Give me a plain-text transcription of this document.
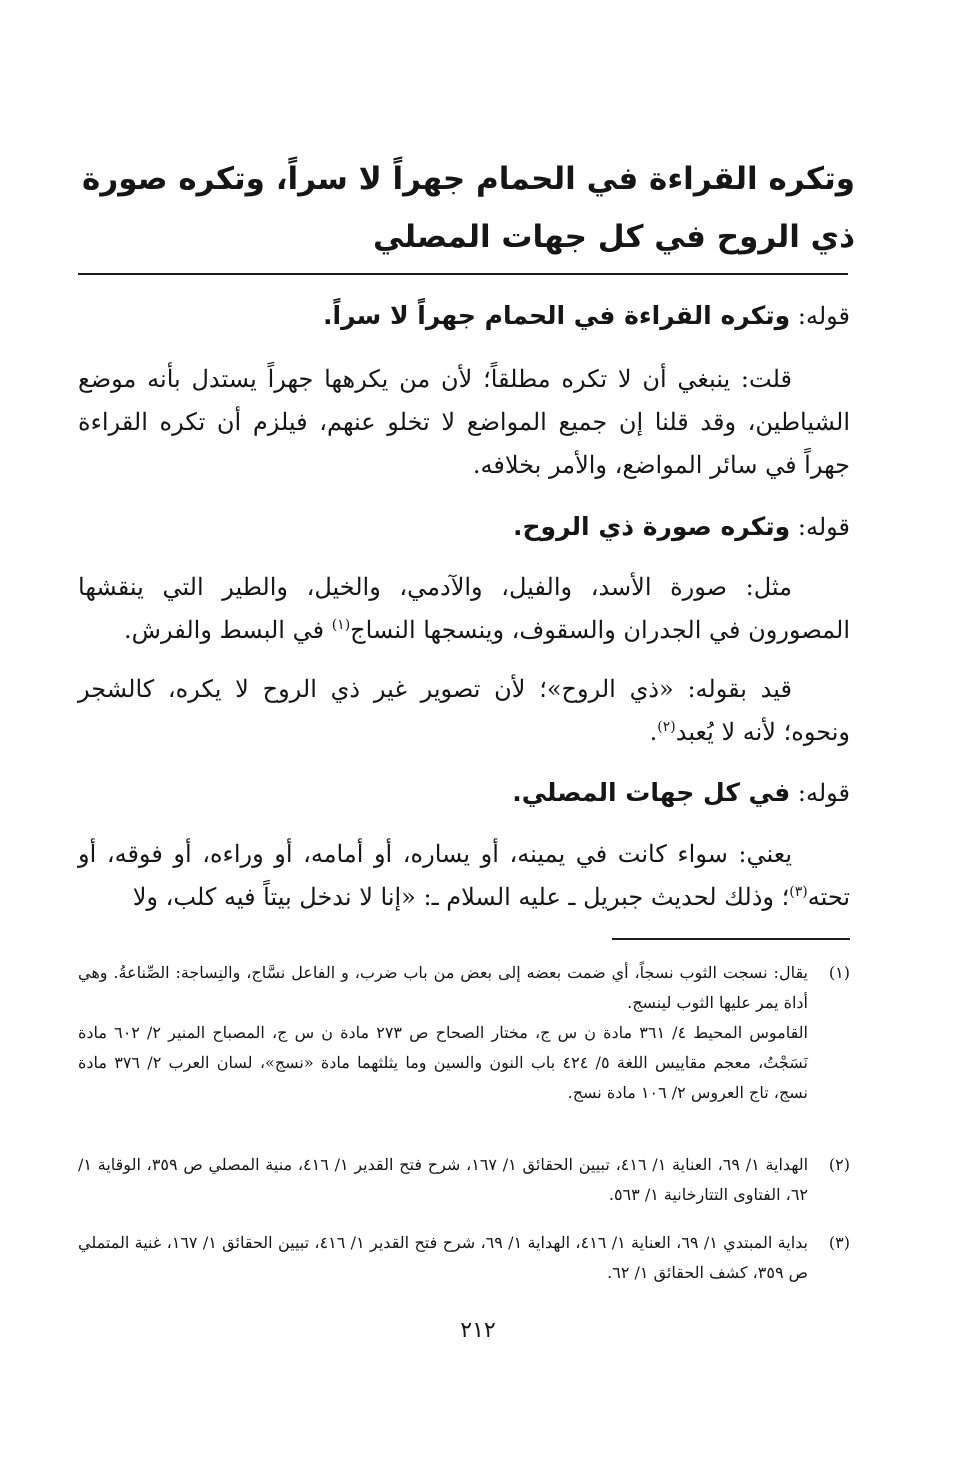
وتكره القراءة في الحمام جهراً لا سراً، وتكره صورة ذي الروح في كل جهات المصلي
قوله: وتكره القراءة في الحمام جهراً لا سراً.
قلت: ينبغي أن لا تكره مطلقاً؛ لأن من يكرهها جهراً يستدل بأنه موضع الشياطين، وقد قلنا إن جميع المواضع لا تخلو عنهم، فيلزم أن تكره القراءة جهراً في سائر المواضع، والأمر بخلافه.
قوله: وتكره صورة ذي الروح.
مثل: صورة الأسد، والفيل، والآدمي، والخيل، والطير التي ينقشها المصورون في الجدران والسقوف، وينسجها النساج$^{(١)}$ في البسط والفرش.
قيد بقوله: «ذي الروح»؛ لأن تصوير غير ذي الروح لا يكره، كالشجر ونحوه؛ لأنه لا يُعبد$^{(٢)}$.
قوله: في كل جهات المصلي.
يعني: سواء كانت في يمينه، أو يساره، أو أمامه، أو وراءه، أو فوقه، أو تحته$^{(٣)}$؛ وذلك لحديث جبريل ـ عليه السلام ـ: «إنا لا ندخل بيتاً فيه كلب، ولا
(١)
يقال: نسجت الثوب نسجاً، أي ضمت بعضه إلى بعض من باب ضرب، و الفاعل نسَّاج، والنِساجة: الصِّناعةُ. وهي أداة يمر عليها الثوب لينسج.
القاموس المحيط ٤/ ٣٦١ مادة ن س ج، مختار الصحاح ص ٢٧٣ مادة ن س ج، المصباح المنير ٢/ ٦٠٢ مادة نَسَجْتُ، معجم مقاييس اللغة ٥/ ٤٢٤ باب النون والسين وما يثلثهما مادة «نسج»، لسان العرب ٢/ ٣٧٦ مادة نسج، تاج العروس ٢/ ١٠٦ مادة نسج.
(٢)
الهداية ١/ ٦٩، العناية ١/ ٤١٦، تبيين الحقائق ١/ ١٦٧، شرح فتح القدير ١/ ٤١٦، منية المصلي ص ٣٥٩، الوقاية ١/ ٦٢، الفتاوى التتارخانية ١/ ٥٦٣.
(٣)
بداية المبتدي ١/ ٦٩، العناية ١/ ٤١٦، الهداية ١/ ٦٩، شرح فتح القدير ١/ ٤١٦، تبيين الحقائق ١/ ١٦٧، غنية المتملي ص ٣٥٩، كشف الحقائق ١/ ٦٢.
٢١٢
